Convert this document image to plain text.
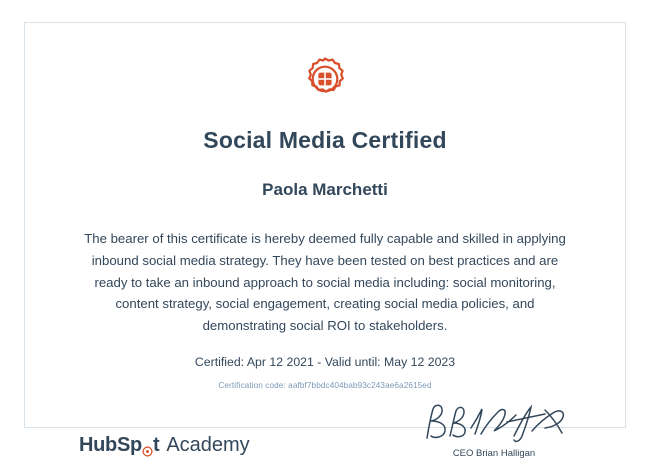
Social Media Certified
Paola Marchetti
The bearer of this certificate is hereby deemed fully capable and skilled in applying inbound social media strategy. They have been tested on best practices and are ready to take an inbound approach to social media including: social monitoring, content strategy, social engagement, creating social media policies, and demonstrating social ROI to stakeholders.
Certified: Apr 12 2021 - Valid until: May 12 2023
Certification code: aafbf7bbdc404bab93c243ae6a2615ed
HubSp t Academy	CEO Brian Halligan
